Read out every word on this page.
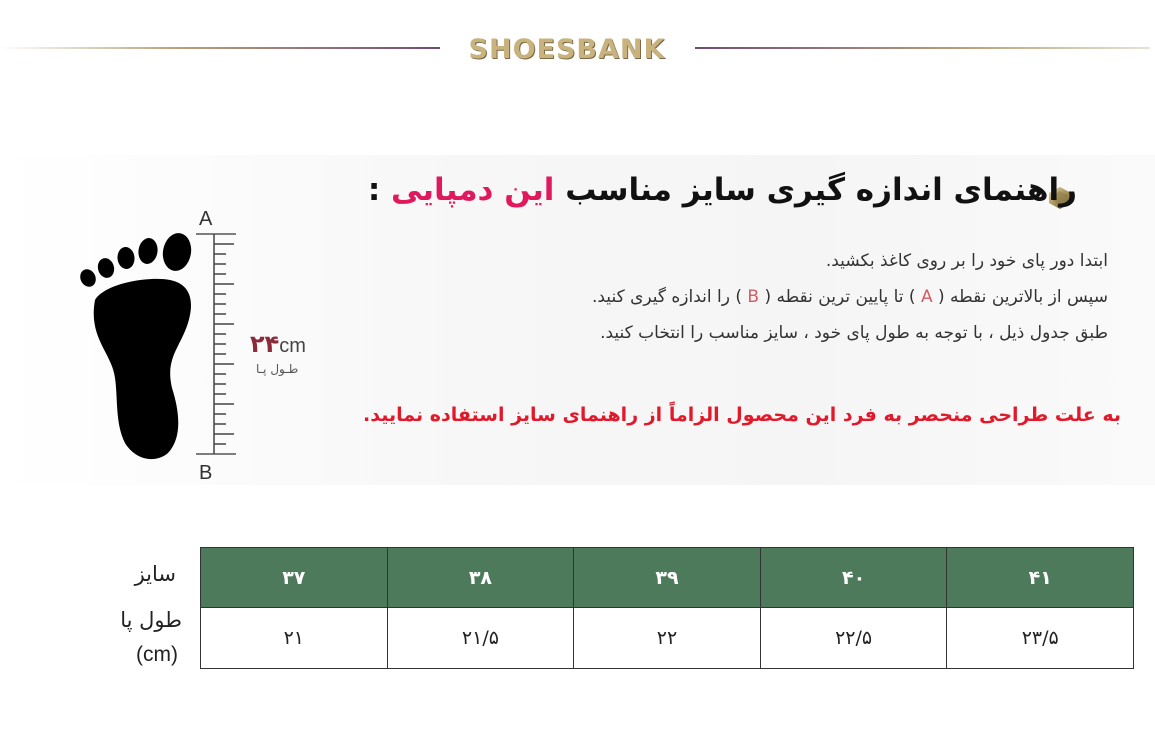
SHOESBANK
راهنمای اندازه گیری سایز مناسب این دمپایی :
ابتدا دور پای خود را بر روی کاغذ بکشید.
سپس از بالاترین نقطه ( A ) تا پایین ترین نقطه ( B ) را اندازه گیری کنید.
طبق جدول ذیل ، با توجه به طول پای خود ، سایز مناسب را انتخاب کنید.
به علت طراحی منحصر به فرد این محصول الزاماً از راهنمای سایز استفاده نمایید.
A
B
۲۴cm
طـول پـا
سایز
طول پا
(cm)
۴۱	۴۰	۳۹	۳۸	۳۷
۲۳/۵	۲۲/۵	۲۲	۲۱/۵	۲۱
